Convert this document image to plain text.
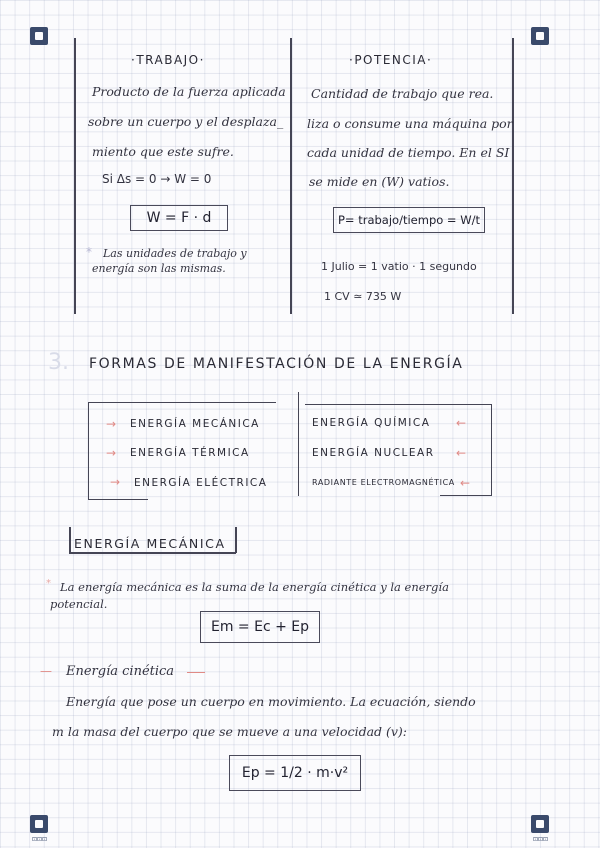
⊡⊡⊡	⊡⊡⊡
·TRABAJO·
Producto de la fuerza aplicada
sobre un cuerpo y el desplaza_
miento que este sufre.
Si Δs = 0 → W = 0
W = F · d
* Las unidades de trabajo y
energía son las mismas.
·POTENCIA·
Cantidad de trabajo que rea.
liza o consume una máquina por
cada unidad de tiempo. En el SI
se mide en (W) vatios.
P= trabajo/tiempo = W/t
1 Julio = 1 vatio · 1 segundo
1 CV ≃ 735 W
3. FORMAS DE MANIFESTACIÓN DE LA ENERGÍA
→ ENERGÍA MECÁNICA
→ ENERGÍA TÉRMICA
→ ENERGÍA ELÉCTRICA
ENERGÍA QUÍMICA ←
ENERGÍA NUCLEAR ←
RADIANTE ELECTROMAGNÉTICA ←
ENERGÍA MECÁNICA
* La energía mecánica es la suma de la energía cinética y la energía
potencial.
Em = Ec + Ep
— Energía cinética
Energía que pose un cuerpo en movimiento. La ecuación, siendo
m la masa del cuerpo que se mueve a una velocidad (v):
Ep = 1/2 · m·v²
